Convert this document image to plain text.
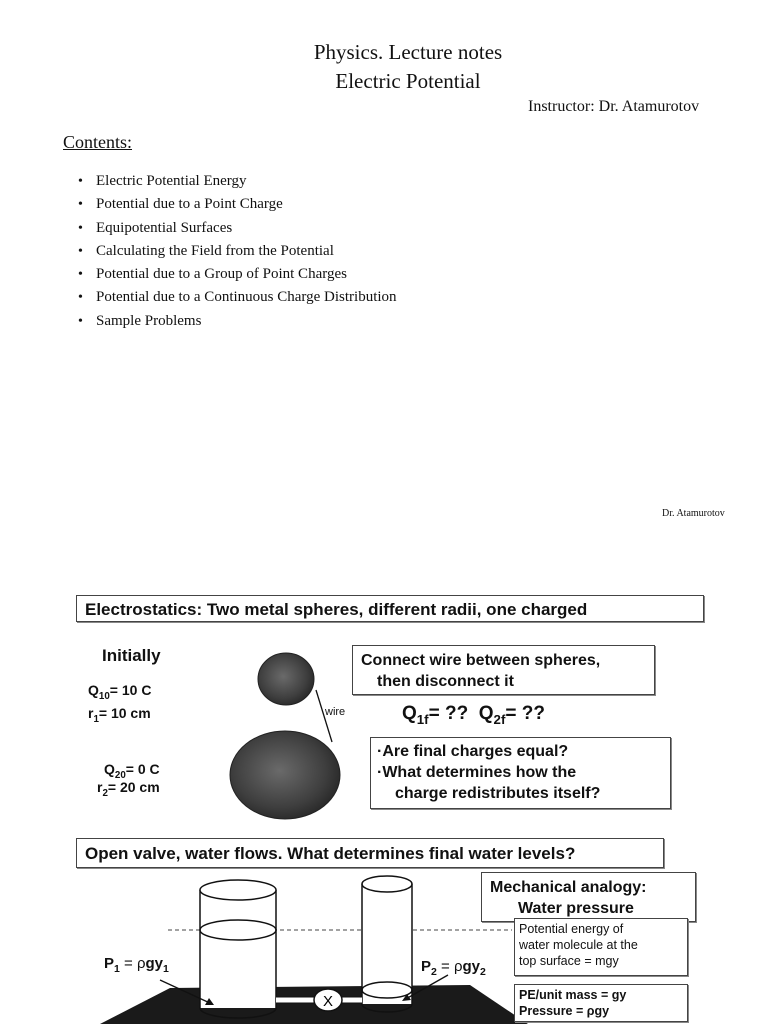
Physics. Lecture notes
Electric Potential
Instructor: Dr. Atamurotov
Contents:
• Electric Potential Energy
• Potential due to a Point Charge
• Equipotential Surfaces
• Calculating the Field from the Potential
• Potential due to a Group of Point Charges
• Potential due to a Continuous Charge Distribution
• Sample Problems
Dr. Atamurotov
X
Electrostatics: Two metal spheres, different radii, one charged
Initially
$Q_{10}= 10$ C
$r_1= 10$ cm
$Q_{20}= 0$ C
$r_2= 20$ cm
wire
Connect wire between spheres,
then disconnect it
$Q_{1f}=$ ?? $Q_{2f}=$ ??
·Are final charges equal?
·What determines how the
charge redistributes itself?
Open valve, water flows. What determines final water levels?
Mechanical analogy:
Water pressure
Potential energy of
water molecule at the
top surface = mgy
PE/unit mass = gy
Pressure = ρgy
$P_1 = \rho gy_1$	$P_2 = \rho gy_2$
